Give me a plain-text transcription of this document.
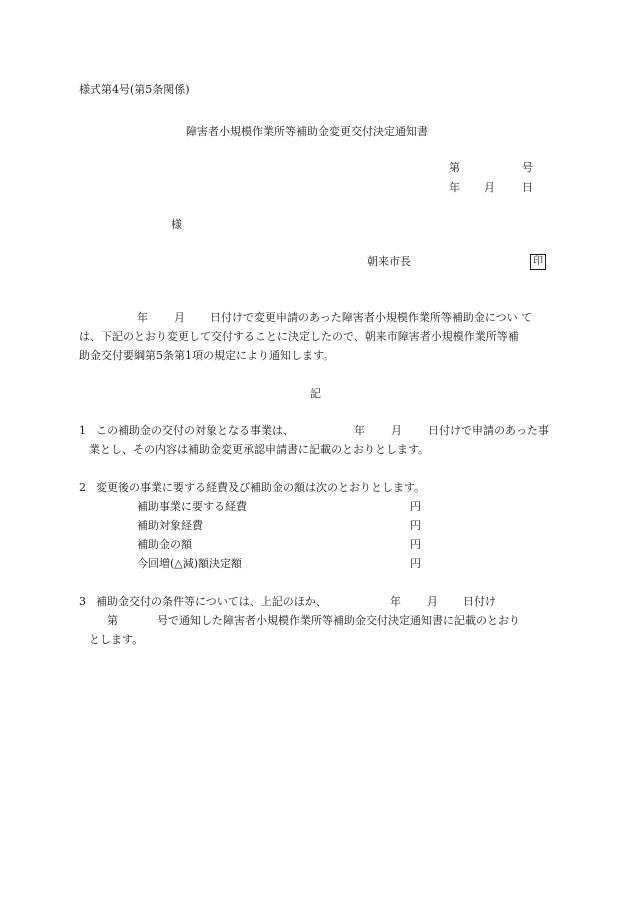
様式第4号(第5条関係)
障害者小規模作業所等補助金変更交付決定通知書
第	号
年 月 日
様
朝来市長	印
年 月 日付けで変更申請のあった障害者小規模作業所等補助金につい て
は、下記のとおり変更して交付することに決定したので、朝来市障害者小規模作業所等補
助金交付要綱第5条第1項の規定により通知します。
記
1 この補助金の交付の対象となる事業は、	年 月 日付けで申請のあった事
業とし、その内容は補助金変更承認申請書に記載のとおりとします。
2 変更後の事業に要する経費及び補助金の額は次のとおりとします。
補助事業に要する経費	円
補助対象経費	円
補助金の額	円
今回増(△減)額決定額	円
3 補助金交付の条件等については、上記のほか、	年 月 日付け
第	号で通知した障害者小規模作業所等補助金交付決定通知書に記載のとおり
とします。
